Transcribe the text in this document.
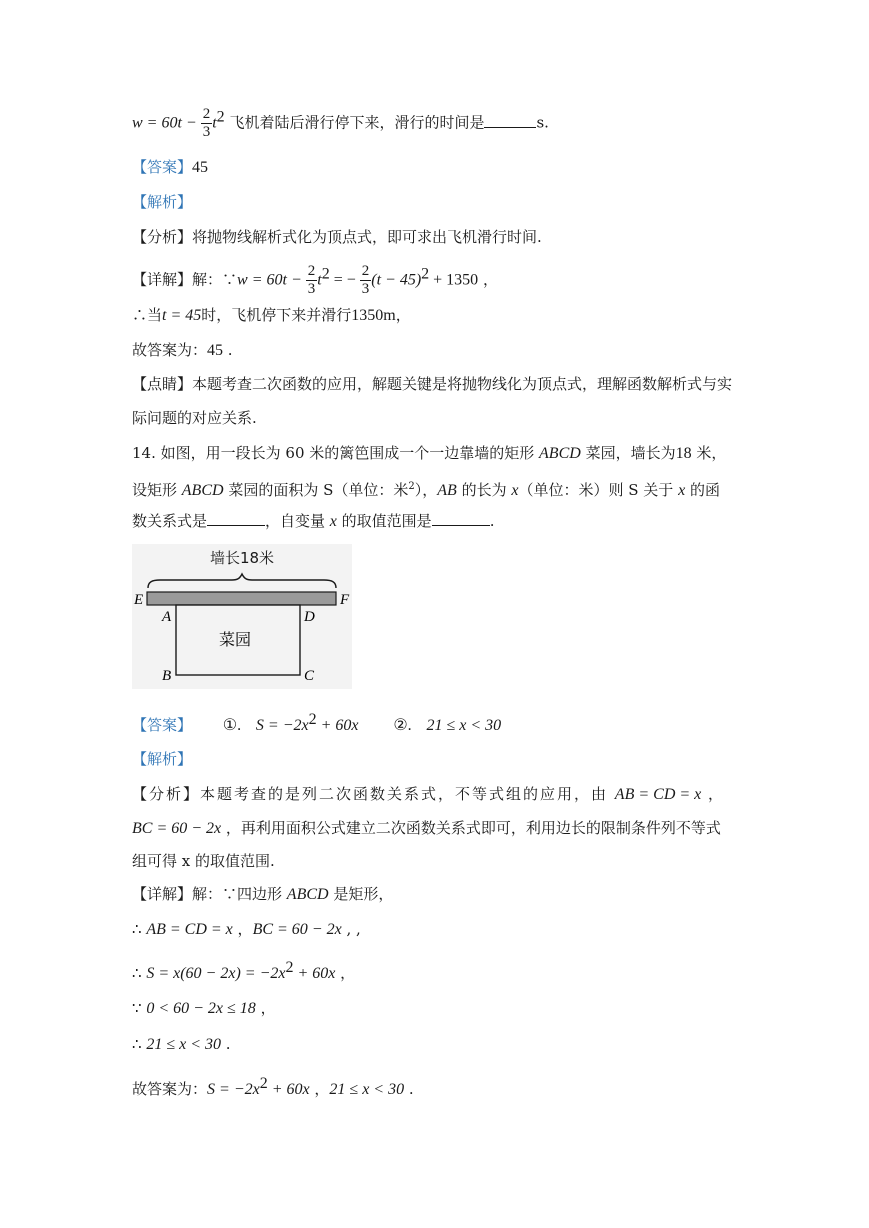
$w = 60t - \frac{2}{3} t^2$ 飞机着陆后滑行停下来，滑行的时间是	s.
【答案】45
【解析】
【分析】将抛物线解析式化为顶点式，即可求出飞机滑行时间.
【详解】解：∵w = $60t - \frac{2}{3} t^2$ = − $\frac{2}{3} (t - 45)^2 + 1350$ ，
∴当t = 45时，飞机停下来并滑行1350m，
故答案为：45 .
【点睛】本题考查二次函数的应用，解题关键是将抛物线化为顶点式，理解函数解析式与实
际问题的对应关系.
14. 如图，用一段长为 60 米的篱笆围成一个一边靠墙的矩形 ABCD 菜园，墙长为18 米，
设矩形 ABCD 菜园的面积为 S（单位：米$^2$），AB 的长为 x（单位：米）则 S 关于 x 的函
数关系式是	，自变量 x 的取值范围是	.
墙长18米
E	F
A	D
B	C
菜园
【答案】 ①. $S = -2x^2 + 60x$ ②. 21 ≤ x < 30
【解析】
【分析】本题考查的是列二次函数关系式，不等式组的应用，由 AB = CD = x ，
BC = 60 − 2x ，再利用面积公式建立二次函数关系式即可，利用边长的限制条件列不等式
组可得 x 的取值范围.
【详解】解：∵四边形 ABCD 是矩形，
∴ AB = CD = x ，BC = 60 − 2x , ,
∴ $S = x(60 - 2x) = -2x^2 + 60x$ ，
∵ 0 < 60 − 2x ≤ 18 ，
∴ 21 ≤ x < 30 .
故答案为：$S = -2x^2 + 60x$ ，21 ≤ x < 30 .
